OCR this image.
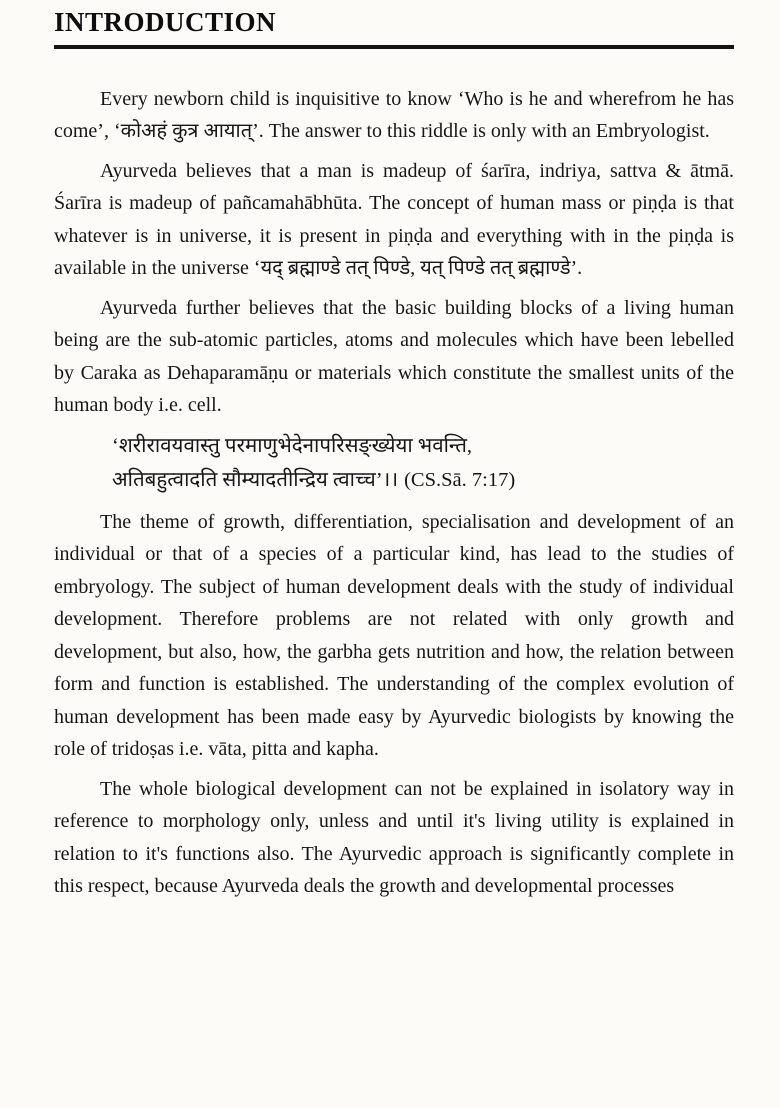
INTRODUCTION

Every newborn child is inquisitive to know ‘Who is he and wherefrom he has come’, ‘कोअहं कुत्र आयात्’. The answer to this riddle is only with an Embryologist.

Ayurveda believes that a man is madeup of śarīra, indriya, sattva & ātmā. Śarīra is madeup of pañcamahābhūta. The concept of human mass or piṇḍa is that whatever is in universe, it is present in piṇḍa and everything with in the piṇḍa is available in the universe ‘यद् ब्रह्माण्डे तत् पिण्डे, यत् पिण्डे तत् ब्रह्माण्डे’.

Ayurveda further believes that the basic building blocks of a living human being are the sub-atomic particles, atoms and molecules which have been lebelled by Caraka as Dehaparamāṇu or materials which constitute the smallest units of the human body i.e. cell.

‘शरीरावयवास्तु परमाणुभेदेनापरिसङ्ख्येया भवन्ति,

अतिबहुत्वादति सौम्यादतीन्द्रिय त्वाच्च’।। (CS.Sā. 7:17)

The theme of growth, differentiation, specialisation and development of an individual or that of a species of a particular kind, has lead to the studies of embryology. The subject of human development deals with the study of individual development. Therefore problems are not related with only growth and development, but also, how, the garbha gets nutrition and how, the relation between form and function is established. The understanding of the complex evolution of human development has been made easy by Ayurvedic biologists by knowing the role of tridoṣas i.e. vāta, pitta and kapha.

The whole biological development can not be explained in isolatory way in reference to morphology only, unless and until it's living utility is explained in relation to it's functions also. The Ayurvedic approach is significantly complete in this respect, because Ayurveda deals the growth and developmental processes
